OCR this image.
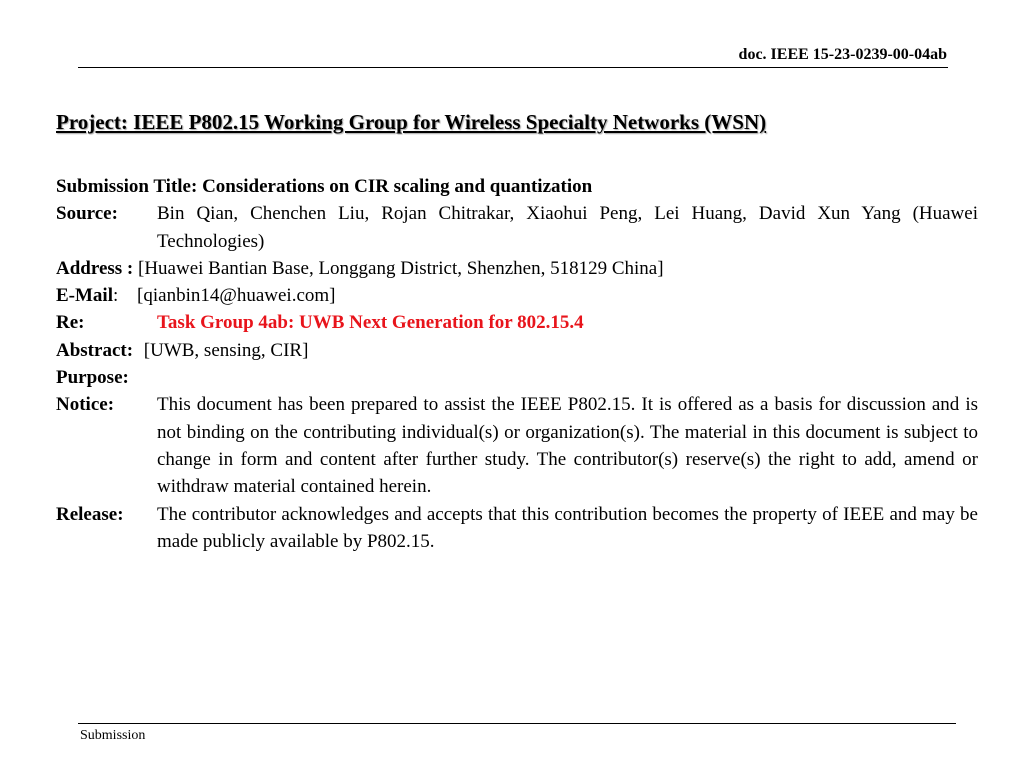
doc. IEEE 15-23-0239-00-04ab
Project: IEEE P802.15 Working Group for Wireless Specialty Networks (WSN)
Submission Title: Considerations on CIR scaling and quantization
Source: Bin Qian, Chenchen Liu, Rojan Chitrakar, Xiaohui Peng, Lei Huang, David Xun Yang (Huawei Technologies)
Address : [Huawei Bantian Base, Longgang District, Shenzhen, 518129 China]
E-Mail: [qianbin14@huawei.com]
Re:	Task Group 4ab: UWB Next Generation for 802.15.4
Abstract: [UWB, sensing, CIR]
Purpose:
Notice: This document has been prepared to assist the IEEE P802.15. It is offered as a basis for discussion and is not binding on the contributing individual(s) or organization(s). The material in this document is subject to change in form and content after further study. The contributor(s) reserve(s) the right to add, amend or withdraw material contained herein.
Release: The contributor acknowledges and accepts that this contribution becomes the property of IEEE and may be made publicly available by P802.15.
Submission
